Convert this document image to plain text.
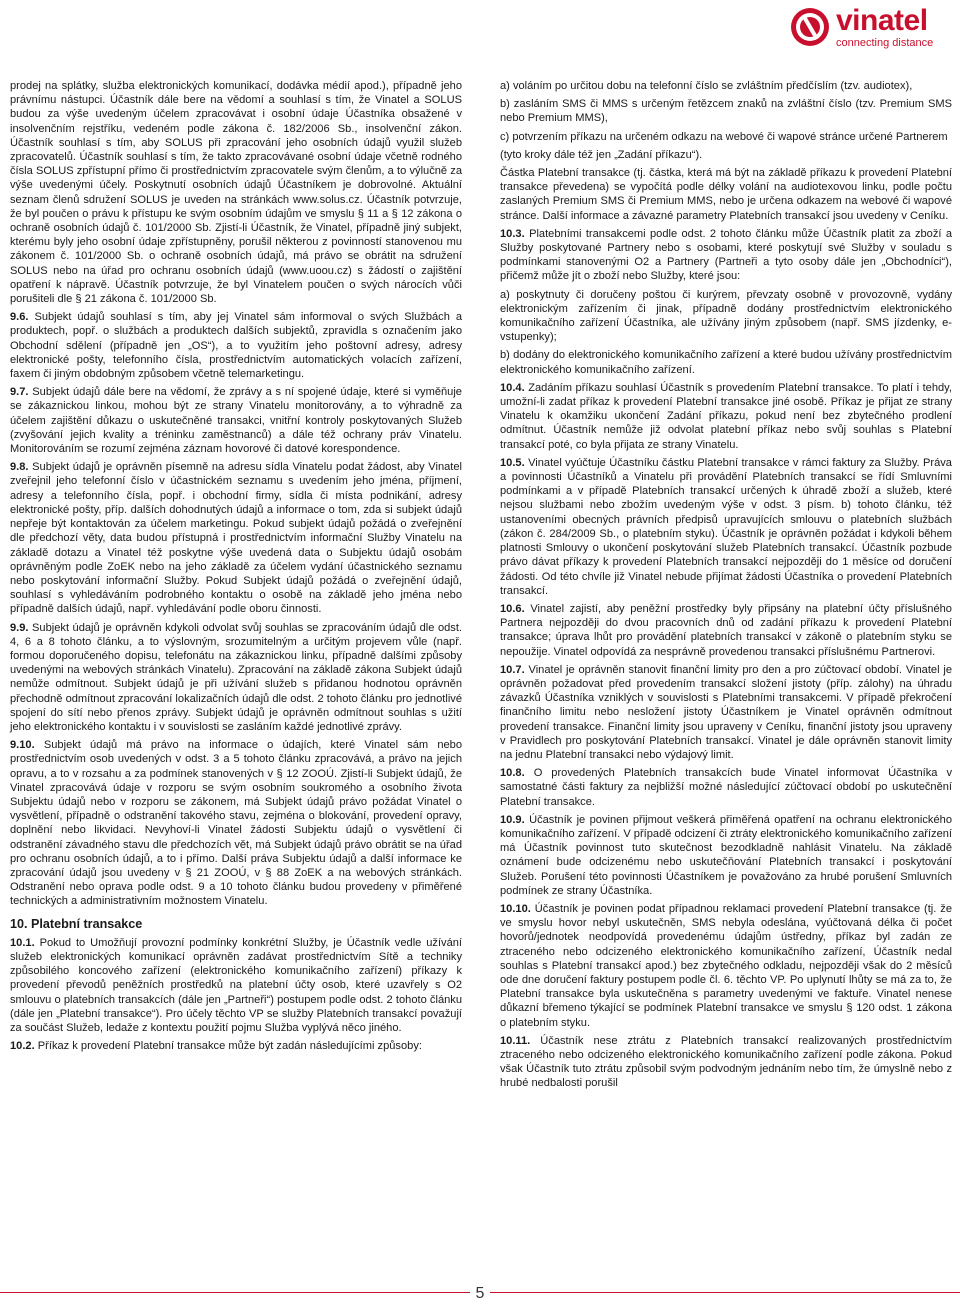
vinatel
connecting distance

prodej na splátky, služba elektronických komunikací, dodávka médií apod.), případně jeho právnímu nástupci. Účastník dále bere na vědomí a souhlasí s tím, že Vinatel a SOLUS budou za výše uvedeným účelem zpracovávat i osobní údaje Účastníka obsažené v insolvenčním rejstříku, vedeném podle zákona č. 182/2006 Sb., insolvenční zákon. Účastník souhlasí s tím, aby SOLUS při zpracování jeho osobních údajů využil služeb zpracovatelů. Účastník souhlasí s tím, že takto zpracovávané osobní údaje včetně rodného čísla SOLUS zpřístupní přímo či prostřednictvím zpracovatele svým členům, a to výlučně za výše uvedenými účely. Poskytnutí osobních údajů Účastníkem je dobrovolné. Aktuální seznam členů sdružení SOLUS je uveden na stránkách www.solus.cz. Účastník potvrzuje, že byl poučen o právu k přístupu ke svým osobním údajům ve smyslu § 11 a § 12 zákona o ochraně osobních údajů č. 101/2000 Sb. Zjistí-li Účastník, že Vinatel, případně jiný subjekt, kterému byly jeho osobní údaje zpřístupněny, porušil některou z povinností stanovenou mu zákonem č. 101/2000 Sb. o ochraně osobních údajů, má právo se obrátit na sdružení SOLUS nebo na úřad pro ochranu osobních údajů (www.uoou.cz) s žádostí o zajištění opatření k nápravě. Účastník potvrzuje, že byl Vinatelem poučen o svých nárocích vůči porušiteli dle § 21 zákona č. 101/2000 Sb.

9.6. Subjekt údajů souhlasí s tím, aby jej Vinatel sám informoval o svých Službách a produktech, popř. o službách a produktech dalších subjektů, zpravidla s označením jako Obchodní sdělení (případně jen „OS“), a to využitím jeho poštovní adresy, adresy elektronické pošty, telefonního čísla, prostřednictvím automatických volacích zařízení, faxem či jiným obdobným způsobem včetně telemarketingu.

9.7. Subjekt údajů dále bere na vědomí, že zprávy a s ní spojené údaje, které si vyměňuje se zákaznickou linkou, mohou být ze strany Vinatelu monitorovány, a to výhradně za účelem zajištění důkazu o uskutečněné transakci, vnitřní kontroly poskytovaných Služeb (zvyšování jejich kvality a tréninku zaměstnanců) a dále též ochrany práv Vinatelu. Monitorováním se rozumí zejména záznam hovorové či datové korespondence.

9.8. Subjekt údajů je oprávněn písemně na adresu sídla Vinatelu podat žádost, aby Vinatel zveřejnil jeho telefonní číslo v účastnickém seznamu s uvedením jeho jména, příjmení, adresy a telefonního čísla, popř. i obchodní firmy, sídla či místa podnikání, adresy elektronické pošty, příp. dalších dohodnutých údajů a informace o tom, zda si subjekt údajů nepřeje být kontaktován za účelem marketingu. Pokud subjekt údajů požádá o zveřejnění dle předchozí věty, data budou přístupná i prostřednictvím informační Služby Vinatelu na základě dotazu a Vinatel též poskytne výše uvedená data o Subjektu údajů osobám oprávněným podle ZoEK nebo na jeho základě za účelem vydání účastnického seznamu nebo poskytování informační Služby. Pokud Subjekt údajů požádá o zveřejnění údajů, souhlasí s vyhledáváním podrobného kontaktu o osobě na základě jeho jména nebo případně dalších údajů, např. vyhledávání podle oboru činnosti.

9.9. Subjekt údajů je oprávněn kdykoli odvolat svůj souhlas se zpracováním údajů dle odst. 4, 6 a 8 tohoto článku, a to výslovným, srozumitelným a určitým projevem vůle (např. formou doporučeného dopisu, telefonátu na zákaznickou linku, případně dalšími způsoby uvedenými na webových stránkách Vinatelu). Zpracování na základě zákona Subjekt údajů nemůže odmítnout. Subjekt údajů je při užívání služeb s přidanou hodnotou oprávněn přechodně odmítnout zpracování lokalizačních údajů dle odst. 2 tohoto článku pro jednotlivé spojení do sítí nebo přenos zprávy. Subjekt údajů je oprávněn odmítnout souhlas s užití jeho elektronického kontaktu i v souvislosti se zasláním každé jednotlivé zprávy.

9.10. Subjekt údajů má právo na informace o údajích, které Vinatel sám nebo prostřednictvím osob uvedených v odst. 3 a 5 tohoto článku zpracovává, a právo na jejich opravu, a to v rozsahu a za podmínek stanovených v § 12 ZOOÚ. Zjistí-li Subjekt údajů, že Vinatel zpracovává údaje v rozporu se svým osobním soukromého a osobního života Subjektu údajů nebo v rozporu se zákonem, má Subjekt údajů právo požádat Vinatel o vysvětlení, případně o odstranění takového stavu, zejména o blokování, provedení opravy, doplnění nebo likvidaci. Nevyhoví-li Vinatel žádosti Subjektu údajů o vysvětlení či odstranění závadného stavu dle předchozích vět, má Subjekt údajů právo obrátit se na úřad pro ochranu osobních údajů, a to i přímo. Další práva Subjektu údajů a další informace ke zpracování údajů jsou uvedeny v § 21 ZOOÚ, v § 88 ZoEK a na webových stránkách. Odstranění nebo oprava podle odst. 9 a 10 tohoto článku budou provedeny v přiměřené technických a administrativním možnostem Vinatelu.

10. Platební transakce

10.1. Pokud to Umožňují provozní podmínky konkrétní Služby, je Účastník vedle užívání služeb elektronických komunikací oprávněn zadávat prostřednictvím Sítě a techniky způsobilého koncového zařízení (elektronického komunikačního zařízení) příkazy k provedení převodů peněžních prostředků na platební účty osob, které uzavřely s O2 smlouvu o platebních transakcích (dále jen „Partneři“) postupem podle odst. 2 tohoto článku (dále jen „Platební transakce“). Pro účely těchto VP se služby Platebních transakcí považují za součást Služeb, ledaže z kontextu použití pojmu Služba vyplývá něco jiného.

10.2. Příkaz k provedení Platební transakce může být zadán následujícími způsoby:

a) voláním po určitou dobu na telefonní číslo se zvláštním předčíslím (tzv. audiotex),

b) zasláním SMS či MMS s určeným řetězcem znaků na zvláštní číslo (tzv. Premium SMS nebo Premium MMS),

c) potvrzením příkazu na určeném odkazu na webové či wapové stránce určené Partnerem

(tyto kroky dále též jen „Zadání příkazu“).

Částka Platební transakce (tj. částka, která má být na základě příkazu k provedení Platební transakce převedena) se vypočítá podle délky volání na audiotexovou linku, podle počtu zaslaných Premium SMS či Premium MMS, nebo je určena odkazem na webové či wapové stránce. Další informace a závazné parametry Platebních transakcí jsou uvedeny v Ceníku.

10.3. Platebními transakcemi podle odst. 2 tohoto článku může Účastník platit za zboží a Služby poskytované Partnery nebo s osobami, které poskytují své Služby v souladu s podmínkami stanovenými O2 a Partnery (Partneři a tyto osoby dále jen „Obchodníci“), přičemž může jít o zboží nebo Služby, které jsou:

a) poskytnuty či doručeny poštou či kurýrem, převzaty osobně v provozovně, vydány elektronickým zařízením či jinak, případně dodány prostřednictvím elektronického komunikačního zařízení Účastníka, ale užívány jiným způsobem (např. SMS jízdenky, e-vstupenky);

b) dodány do elektronického komunikačního zařízení a které budou užívány prostřednictvím elektronického komunikačního zařízení.

10.4. Zadáním příkazu souhlasí Účastník s provedením Platební transakce. To platí i tehdy, umožní-li zadat příkaz k provedení Platební transakce jiné osobě. Příkaz je přijat ze strany Vinatelu k okamžiku ukončení Zadání příkazu, pokud není bez zbytečného prodlení odmítnut. Účastník nemůže již odvolat platební příkaz nebo svůj souhlas s Platební transakcí poté, co byla přijata ze strany Vinatelu.

10.5. Vinatel vyúčtuje Účastníku částku Platební transakce v rámci faktury za Služby. Práva a povinnosti Účastníků a Vinatelu při provádění Platebních transakcí se řídí Smluvními podmínkami a v případě Platebních transakcí určených k úhradě zboží a služeb, které nejsou službami nebo zbožím uvedeným výše v odst. 3 písm. b) tohoto článku, též ustanoveními obecných právních předpisů upravujících smlouvu o platebních službách (zákon č. 284/2009 Sb., o platebním styku). Účastník je oprávněn požádat i kdykoli během platnosti Smlouvy o ukončení poskytování služeb Platebních transakcí. Účastník pozbude právo dávat příkazy k provedení Platebních transakcí nejpozději do 1 měsíce od doručení žádosti. Od této chvíle již Vinatel nebude přijímat žádosti Účastníka o provedení Platebních transakcí.

10.6. Vinatel zajistí, aby peněžní prostředky byly připsány na platební účty příslušného Partnera nejpozději do dvou pracovních dnů od zadání příkazu k provedení Platební transakce; úprava lhůt pro provádění platebních transakcí v zákoně o platebním styku se nepoužije. Vinatel odpovídá za nesprávně provedenou transakci příslušnému Partnerovi.

10.7. Vinatel je oprávněn stanovit finanční limity pro den a pro zúčtovací období. Vinatel je oprávněn požadovat před provedením transakcí složení jistoty (příp. zálohy) na úhradu závazků Účastníka vzniklých v souvislosti s Platebními transakcemi. V případě překročení finančního limitu nebo nesložení jistoty Účastníkem je Vinatel oprávněn odmítnout provedení transakce. Finanční limity jsou upraveny v Ceníku, finanční jistoty jsou upraveny v Pravidlech pro poskytování Platebních transakcí. Vinatel je dále oprávněn stanovit limity na jednu Platební transakci nebo výdajový limit.

10.8. O provedených Platebních transakcích bude Vinatel informovat Účastníka v samostatné části faktury za nejbližší možné následující zúčtovací období po uskutečnění Platební transakce.

10.9. Účastník je povinen přijmout veškerá přiměřená opatření na ochranu elektronického komunikačního zařízení. V případě odcizení či ztráty elektronického komunikačního zařízení má Účastník povinnost tuto skutečnost bezodkladně nahlásit Vinatelu. Na základě oznámení bude odcizenému nebo uskutečňování Platebních transakcí i poskytování Služeb. Porušení této povinnosti Účastníkem je považováno za hrubé porušení Smluvních podmínek ze strany Účastníka.

10.10. Účastník je povinen podat případnou reklamaci provedení Platební transakce (tj. že ve smyslu hovor nebyl uskutečněn, SMS nebyla odeslána, vyúčtovaná délka či počet hovorů/jednotek neodpovídá provedenému údajům ústředny, příkaz byl zadán ze ztraceného nebo odcizeného elektronického komunikačního zařízení, Účastník nedal souhlas s Platební transakcí apod.) bez zbytečného odkladu, nejpozději však do 2 měsíců ode dne doručení faktury postupem podle čl. 6. těchto VP. Po uplynutí lhůty se má za to, že Platební transakce byla uskutečněna s parametry uvedenými ve faktuře. Vinatel nenese důkazní břemeno týkající se podmínek Platební transakce ve smyslu § 120 odst. 1 zákona o platebním styku.

10.11. Účastník nese ztrátu z Platebních transakcí realizovaných prostřednictvím ztraceného nebo odcizeného elektronického komunikačního zařízení podle zákona. Pokud však Účastník tuto ztrátu způsobil svým podvodným jednáním nebo tím, že úmyslně nebo z hrubé nedbalosti porušil

5
